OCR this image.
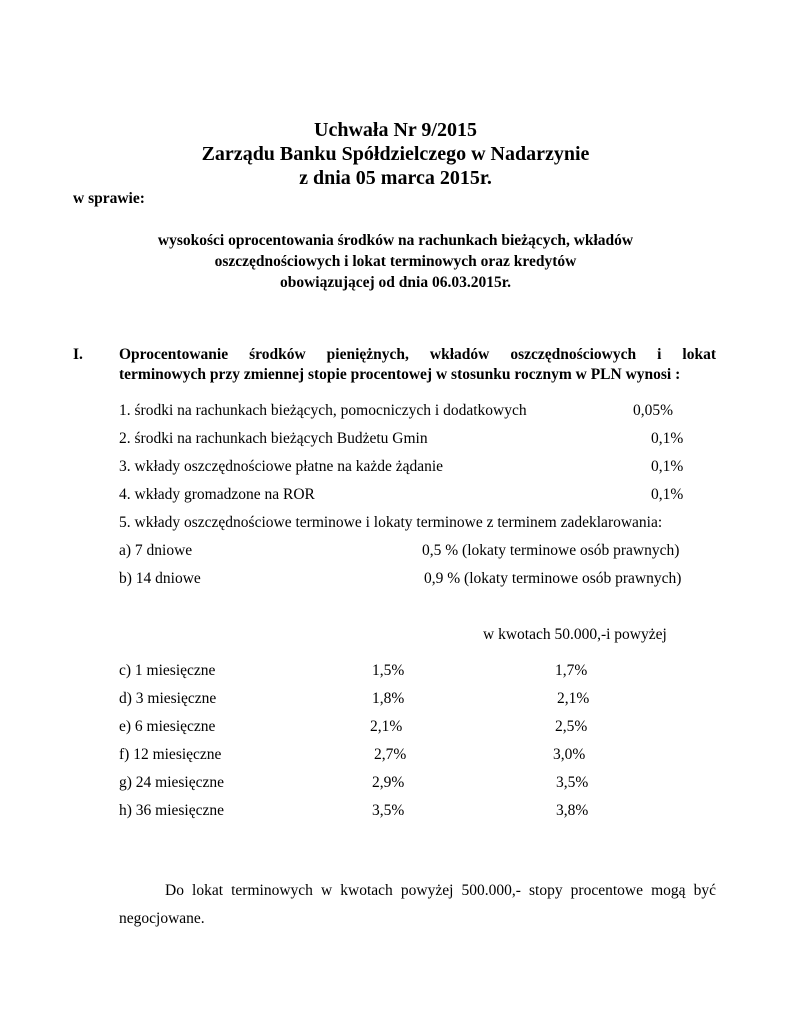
Uchwała Nr 9/2015
Zarządu Banku Spółdzielczego w Nadarzynie
z dnia 05 marca 2015r.
w sprawie:
wysokości oprocentowania środków na rachunkach bieżących, wkładów
oszczędnościowych i lokat terminowych oraz kredytów
obowiązującej od dnia 06.03.2015r.
I. Oprocentowanie środków pieniężnych, wkładów oszczędnościowych i lokat
terminowych przy zmiennej stopie procentowej w stosunku rocznym w PLN wynosi :
1. środki na rachunkach bieżących, pomocniczych i dodatkowych	0,05%
2. środki na rachunkach bieżących Budżetu Gmin	0,1%
3. wkłady oszczędnościowe płatne na każde żądanie	0,1%
4. wkłady gromadzone na ROR	0,1%
5. wkłady oszczędnościowe terminowe i lokaty terminowe z terminem zadeklarowania:
a) 7 dniowe	0,5 % (lokaty terminowe osób prawnych)
b) 14 dniowe	0,9 % (lokaty terminowe osób prawnych)
w kwotach 50.000,-i powyżej
c) 1 miesięczne	1,5%	1,7%
d) 3 miesięczne	1,8%	2,1%
e) 6 miesięczne	2,1%	2,5%
f) 12 miesięczne	2,7%	3,0%
g) 24 miesięczne	2,9%	3,5%
h) 36 miesięczne	3,5%	3,8%
Do lokat terminowych w kwotach powyżej 500.000,- stopy procentowe mogą być
negocjowane.
